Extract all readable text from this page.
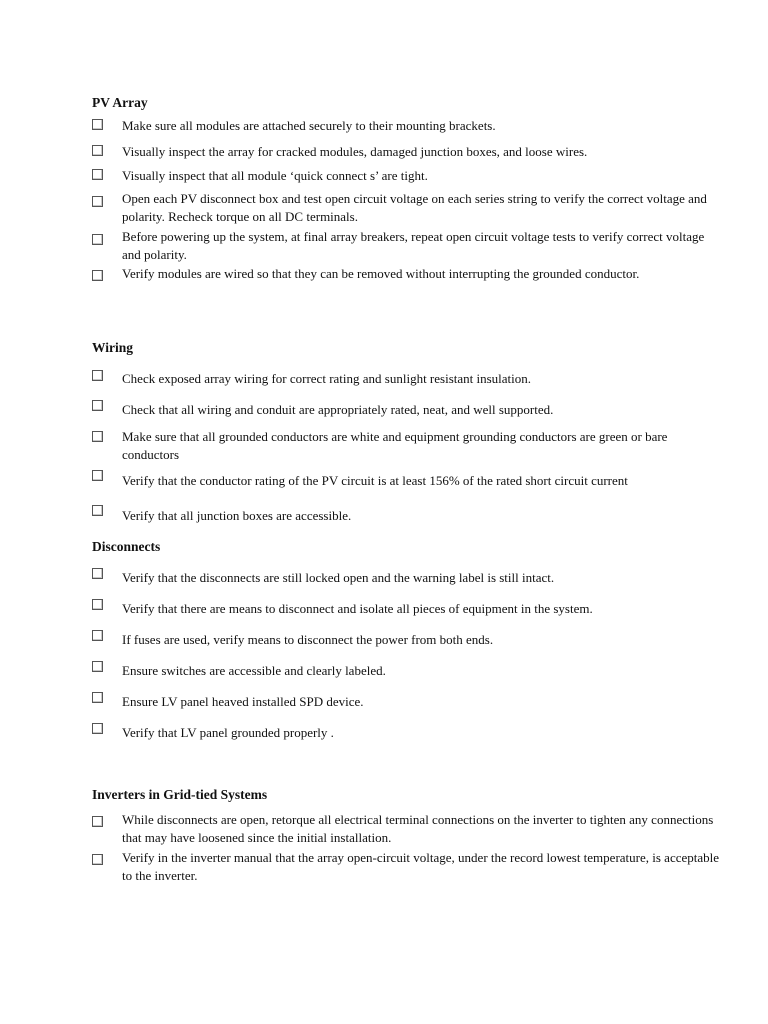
PV Array
Make sure all modules are attached securely to their mounting brackets.
Visually inspect the array for cracked modules, damaged junction boxes, and loose wires.
Visually inspect that all module ‘quick connect s’ are tight.
Open each PV disconnect box and test open circuit voltage on each series string to verify the correct voltage and polarity. Recheck torque on all DC terminals.
Before powering up the system, at final array breakers, repeat open circuit voltage tests to verify correct voltage and polarity.
Verify modules are wired so that they can be removed without interrupting the grounded conductor.
Wiring
Check exposed array wiring for correct rating and sunlight resistant insulation.
Check that all wiring and conduit are appropriately rated, neat, and well supported.
Make sure that all grounded conductors are white and equipment grounding conductors are green or bare conductors
Verify that the conductor rating of the PV circuit is at least 156% of the rated short circuit current
Verify that all junction boxes are accessible.
Disconnects
Verify that the disconnects are still locked open and the warning label is still intact.
Verify that there are means to disconnect and isolate all pieces of equipment in the system.
If fuses are used, verify means to disconnect the power from both ends.
Ensure switches are accessible and clearly labeled.
Ensure LV panel heaved installed SPD device.
Verify that LV panel grounded properly .
Inverters in Grid-tied Systems
While disconnects are open, retorque all electrical terminal connections on the inverter to tighten any connections that may have loosened since the initial installation.
Verify in the inverter manual that the array open-circuit voltage, under the record lowest temperature, is acceptable to the inverter.
